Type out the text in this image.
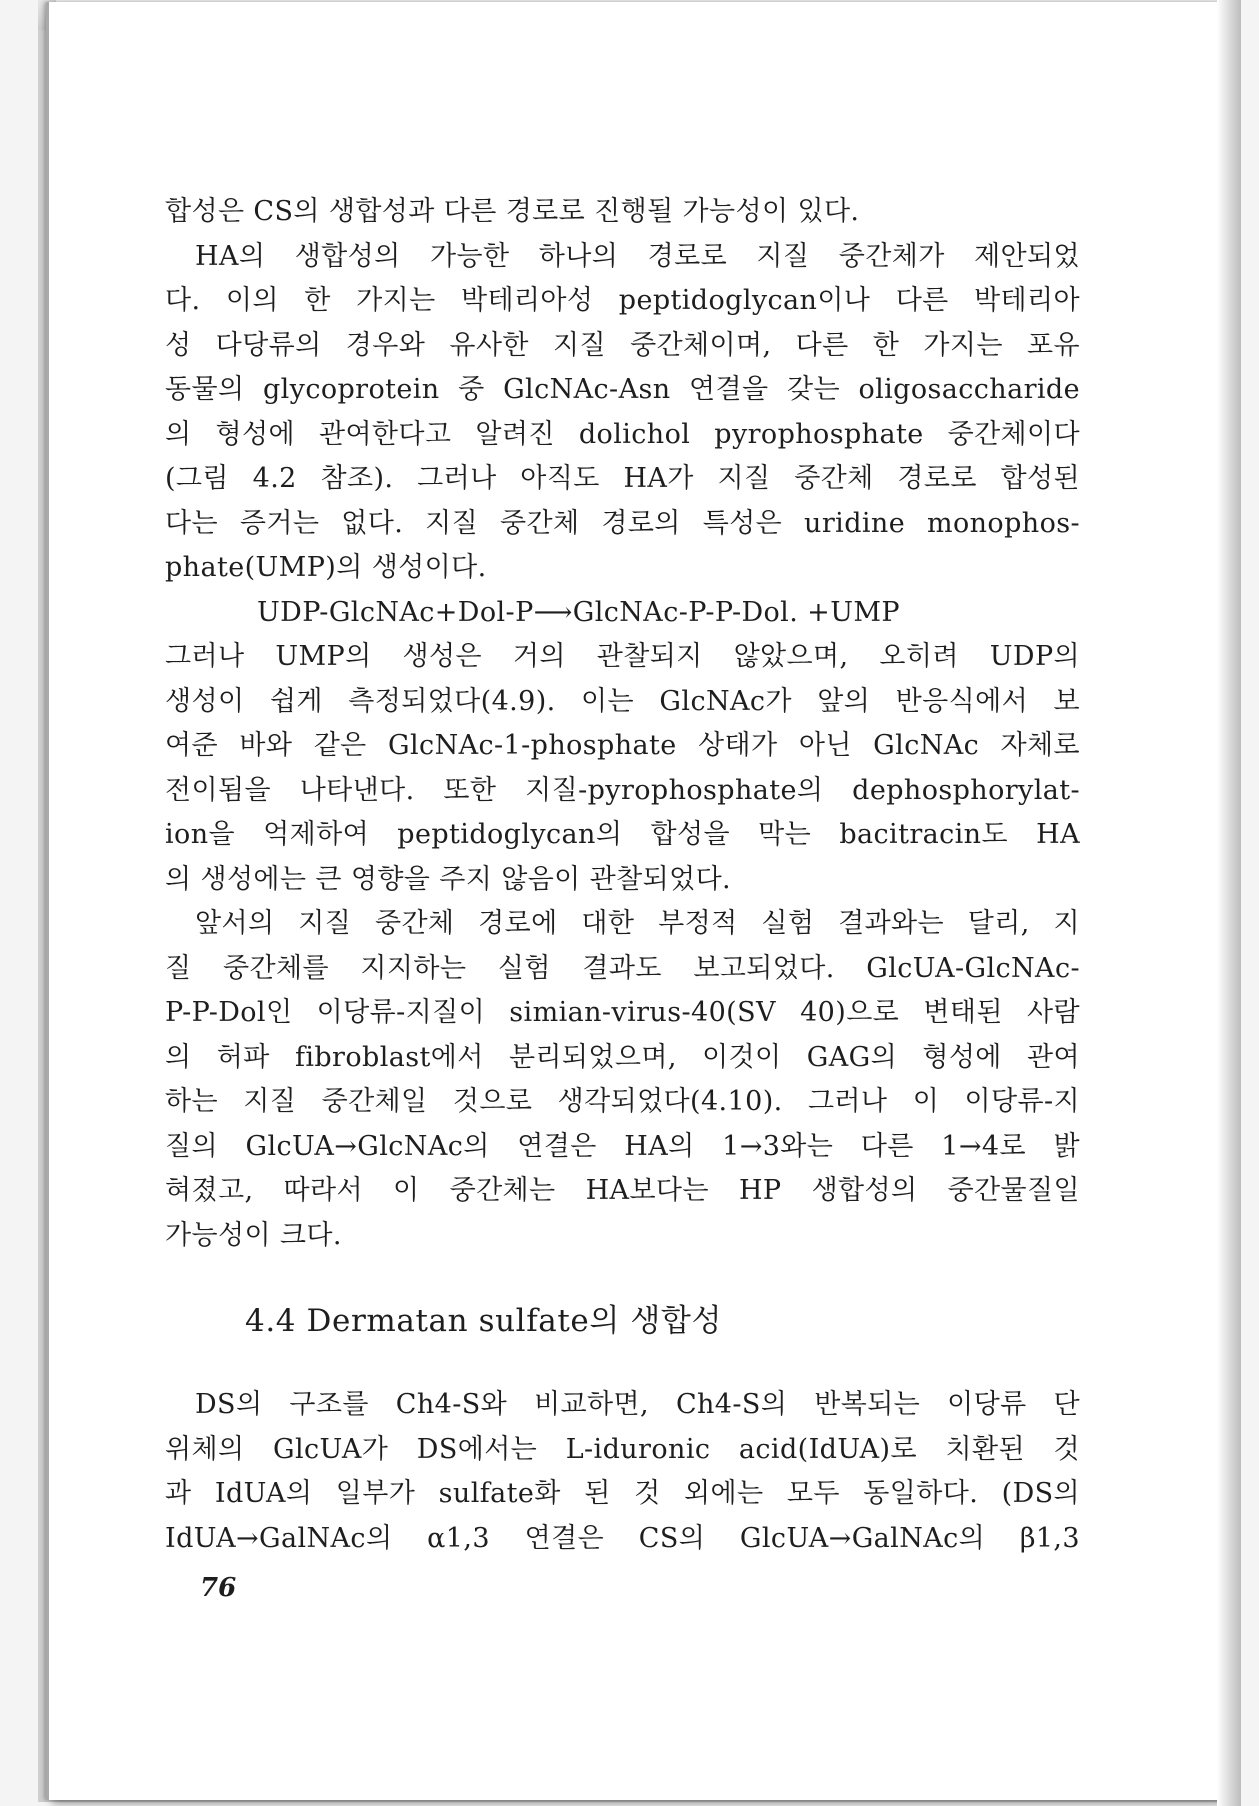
합성은 CS의 생합성과 다른 경로로 진행될 가능성이 있다.

HA의 생합성의 가능한 하나의 경로로 지질 중간체가 제안되었
다. 이의 한 가지는 박테리아성 peptidoglycan이나 다른 박테리아
성 다당류의 경우와 유사한 지질 중간체이며, 다른 한 가지는 포유
동물의 glycoprotein 중 GlcNAc-Asn 연결을 갖는 oligosaccharide
의 형성에 관여한다고 알려진 dolichol pyrophosphate 중간체이다
(그림 4.2 참조). 그러나 아직도 HA가 지질 중간체 경로로 합성된
다는 증거는 없다. 지질 중간체 경로의 특성은 uridine monophos-
phate(UMP)의 생성이다.

UDP-GlcNAc+Dol-P⟶GlcNAc-P-P-Dol. +UMP

그러나 UMP의 생성은 거의 관찰되지 않았으며, 오히려 UDP의
생성이 쉽게 측정되었다(4.9). 이는 GlcNAc가 앞의 반응식에서 보
여준 바와 같은 GlcNAc-1-phosphate 상태가 아닌 GlcNAc 자체로
전이됨을 나타낸다. 또한 지질-pyrophosphate의 dephosphorylat-
ion을 억제하여 peptidoglycan의 합성을 막는 bacitracin도 HA
의 생성에는 큰 영향을 주지 않음이 관찰되었다.

앞서의 지질 중간체 경로에 대한 부정적 실험 결과와는 달리, 지
질 중간체를 지지하는 실험 결과도 보고되었다. GlcUA-GlcNAc-
P-P-Dol인 이당류-지질이 simian-virus-40(SV 40)으로 변태된 사람
의 허파 fibroblast에서 분리되었으며, 이것이 GAG의 형성에 관여
하는 지질 중간체일 것으로 생각되었다(4.10). 그러나 이 이당류-지
질의 GlcUA→GlcNAc의 연결은 HA의 1→3와는 다른 1→4로 밝
혀졌고, 따라서 이 중간체는 HA보다는 HP 생합성의 중간물질일
가능성이 크다.

4.4 Dermatan sulfate의 생합성

DS의 구조를 Ch4-S와 비교하면, Ch4-S의 반복되는 이당류 단
위체의 GlcUA가 DS에서는 L-iduronic acid(IdUA)로 치환된 것
과 IdUA의 일부가 sulfate화 된 것 외에는 모두 동일하다. (DS의
IdUA→GalNAc의 α1,3 연결은 CS의 GlcUA→GalNAc의 β1,3

76
